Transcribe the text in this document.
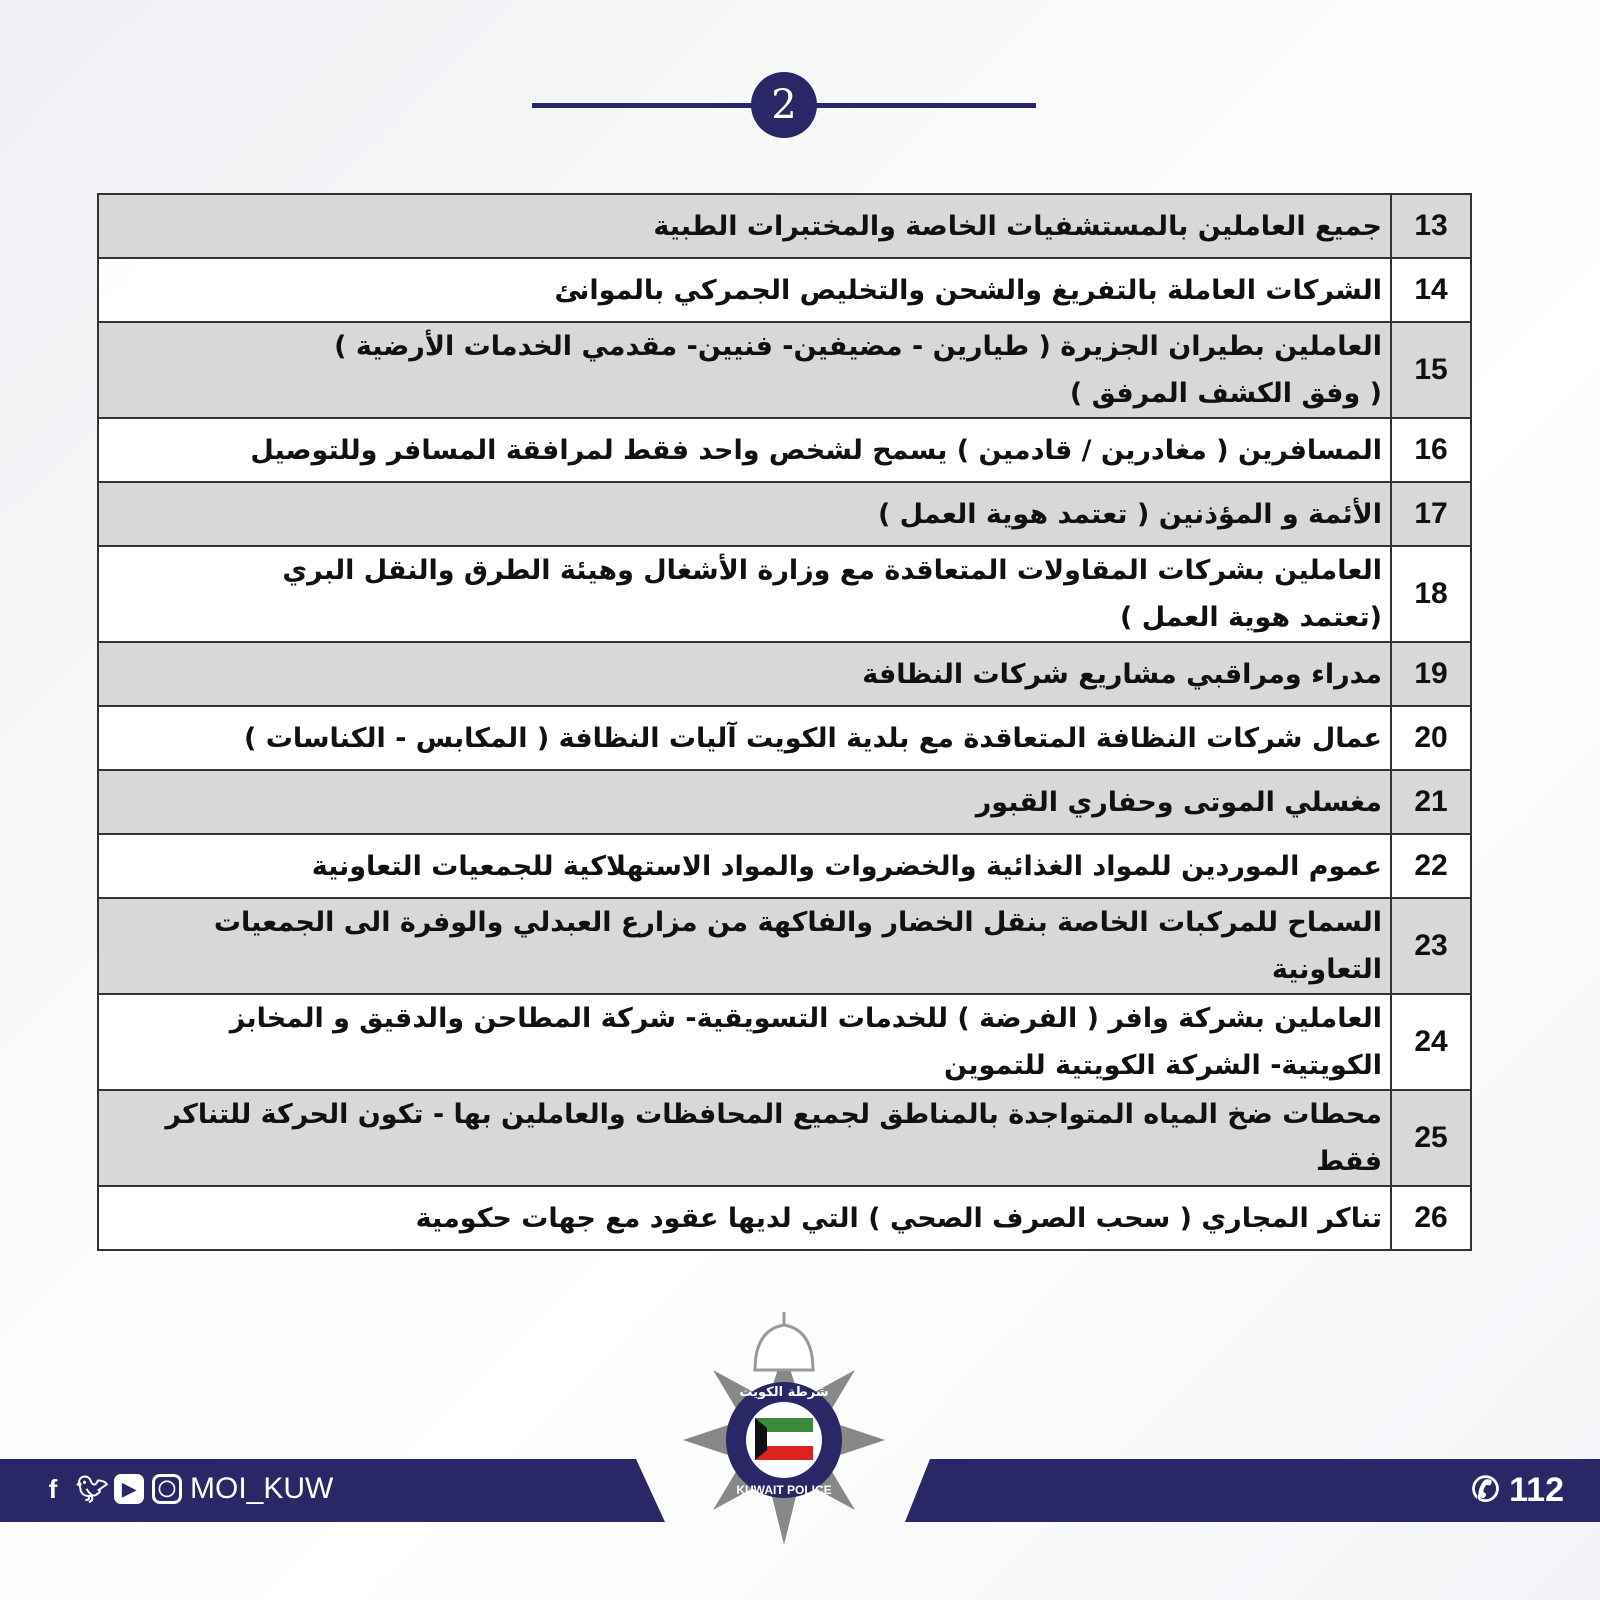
2
جميع العاملين بالمستشفيات الخاصة والمختبرات الطبية	13

الشركات العاملة بالتفريغ والشحن والتخليص الجمركي بالموانئ	14

العاملين بطيران الجزيرة ( طيارين - مضيفين- فنيين- مقدمي الخدمات الأرضية )
( وفق الكشف المرفق )	15

المسافرين ( مغادرين / قادمين ) يسمح لشخص واحد فقط لمرافقة المسافر وللتوصيل	16

الأئمة و المؤذنين ( تعتمد هوية العمل )	17

العاملين بشركات المقاولات المتعاقدة مع وزارة الأشغال وهيئة الطرق والنقل البري
(تعتمد هوية العمل )	18

مدراء ومراقبي مشاريع شركات النظافة	19

عمال شركات النظافة المتعاقدة مع بلدية الكويت آليات النظافة ( المكابس - الكناسات )	20

مغسلي الموتى وحفاري القبور	21

عموم الموردين للمواد الغذائية والخضروات والمواد الاستهلاكية للجمعيات التعاونية	22

السماح للمركبات الخاصة بنقل الخضار والفاكهة من مزارع العبدلي والوفرة الى الجمعيات
التعاونية	23

العاملين بشركة وافر ( الفرضة ) للخدمات التسويقية- شركة المطاحن والدقيق و المخابز
الكويتية- الشركة الكويتية للتموين	24

محطات ضخ المياه المتواجدة بالمناطق لجميع المحافظات والعاملين بها - تكون الحركة للتناكر
فقط	25

تناكر المجاري ( سحب الصرف الصحي ) التي لديها عقود مع جهات حكومية	26
f 🐦︎ ▶	◯ MOI_KUW	✆ 112
شرطة الكويت
KUWAIT POLICE
